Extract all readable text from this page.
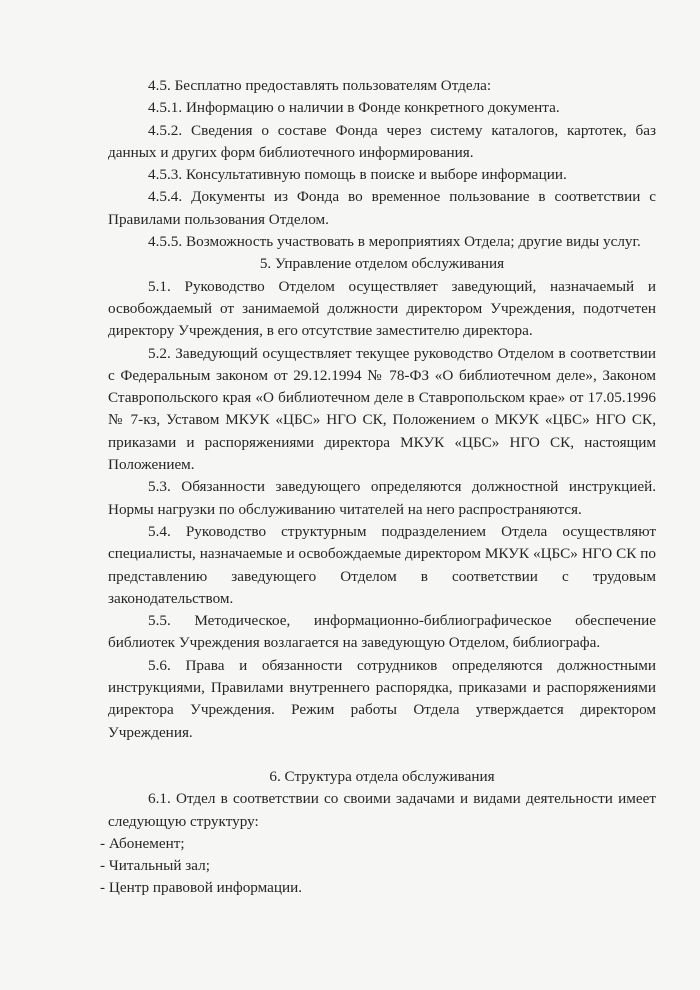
4.5. Бесплатно предоставлять пользователям Отдела:

4.5.1. Информацию о наличии в Фонде конкретного документа.

4.5.2. Сведения о составе Фонда через систему каталогов, картотек, баз данных и других форм библиотечного информирования.

4.5.3. Консультативную помощь в поиске и выборе информации.

4.5.4. Документы из Фонда во временное пользование в соответствии с Правилами пользования Отделом.

4.5.5. Возможность участвовать в мероприятиях Отдела; другие виды услуг.

5. Управление отделом обслуживания

5.1. Руководство Отделом осуществляет заведующий, назначаемый и освобождаемый от занимаемой должности директором Учреждения, подотчетен директору Учреждения, в его отсутствие заместителю директора.

5.2. Заведующий осуществляет текущее руководство Отделом в соответствии с Федеральным законом от 29.12.1994 № 78-ФЗ «О библиотечном деле», Законом Ставропольского края «О библиотечном деле в Ставропольском крае» от 17.05.1996 № 7-кз, Уставом МКУК «ЦБС» НГО СК, Положением о МКУК «ЦБС» НГО СК, приказами и распоряжениями директора МКУК «ЦБС» НГО СК, настоящим Положением.

5.3. Обязанности заведующего определяются должностной инструкцией. Нормы нагрузки по обслуживанию читателей на него распространяются.

5.4. Руководство структурным подразделением Отдела осуществляют специалисты, назначаемые и освобождаемые директором МКУК «ЦБС» НГО СК по представлению заведующего Отделом в соответствии с трудовым законодательством.

5.5. Методическое, информационно-библиографическое обеспечение библиотек Учреждения возлагается на заведующую Отделом, библиографа.

5.6. Права и обязанности сотрудников определяются должностными инструкциями, Правилами внутреннего распорядка, приказами и распоряжениями директора Учреждения. Режим работы Отдела утверждается директором Учреждения.

6. Структура отдела обслуживания

6.1. Отдел в соответствии со своими задачами и видами деятельности имеет следующую структуру:

- Абонемент;

- Читальный зал;

- Центр правовой информации.
